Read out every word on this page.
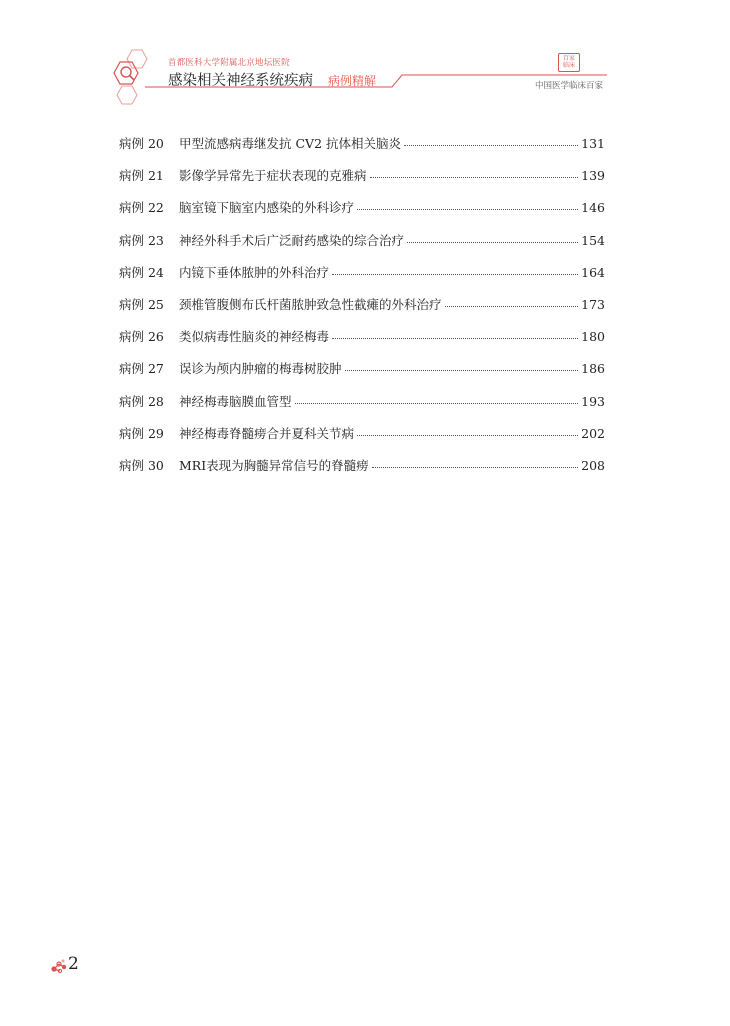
首都医科大学附属北京地坛医院
感染相关神经系统疾病 病例精解
百家
临床
中国医学临床百家
病例 20	甲型流感病毒继发抗 CV2 抗体相关脑炎	131
病例 21	影像学异常先于症状表现的克雅病	139
病例 22	脑室镜下脑室内感染的外科诊疗	146
病例 23	神经外科手术后广泛耐药感染的综合治疗	154
病例 24	内镜下垂体脓肿的外科治疗	164
病例 25	颈椎管腹侧布氏杆菌脓肿致急性截瘫的外科治疗	173
病例 26	类似病毒性脑炎的神经梅毒	180
病例 27	误诊为颅内肿瘤的梅毒树胶肿	186
病例 28	神经梅毒脑膜血管型	193
病例 29	神经梅毒脊髓痨合并夏科关节病	202
病例 30	MRI表现为胸髓异常信号的脊髓痨	208
2
